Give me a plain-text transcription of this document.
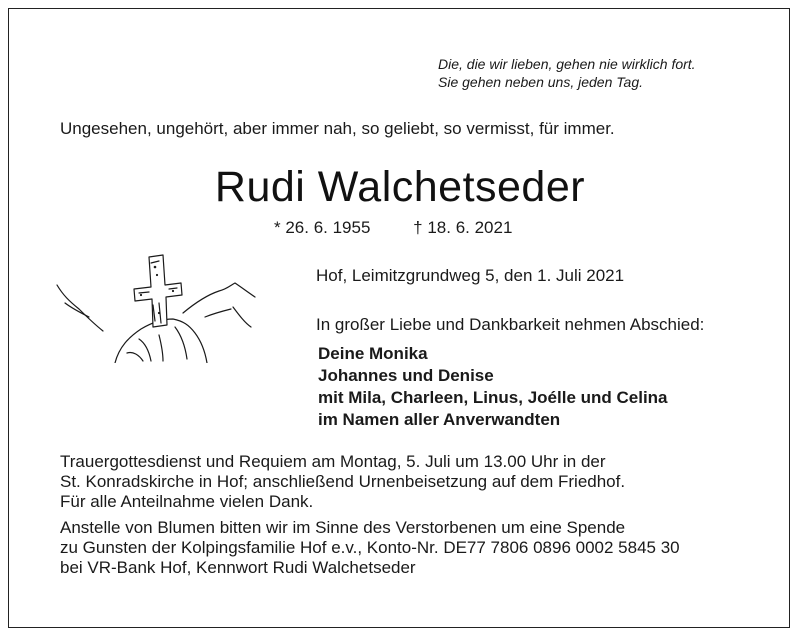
Die, die wir lieben, gehen nie wirklich fort.
Sie gehen neben uns, jeden Tag.
Ungesehen, ungehört, aber immer nah, so geliebt, so vermisst, für immer.
Rudi Walchetseder
* 26. 6. 1955	† 18. 6. 2021
Hof, Leimitzgrundweg 5, den 1. Juli 2021
In großer Liebe und Dankbarkeit nehmen Abschied:
Deine Monika
Johannes und Denise
mit Mila, Charleen, Linus, Joélle und Celina
im Namen aller Anverwandten
Trauergottesdienst und Requiem am Montag, 5. Juli um 13.00 Uhr in der
St. Konradskirche in Hof; anschließend Urnenbeisetzung auf dem Friedhof.
Für alle Anteilnahme vielen Dank.
Anstelle von Blumen bitten wir im Sinne des Verstorbenen um eine Spende
zu Gunsten der Kolpingsfamilie Hof e.v., Konto-Nr. DE77 7806 0896 0002 5845 30
bei VR-Bank Hof, Kennwort Rudi Walchetseder
